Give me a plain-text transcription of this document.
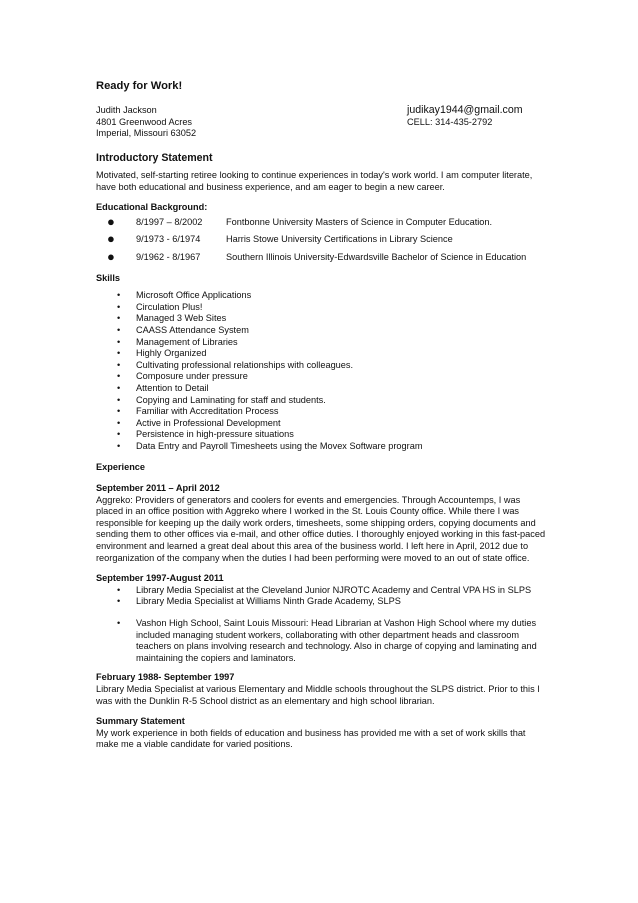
Ready for Work!
Judith Jackson
4801 Greenwood Acres
Imperial, Missouri 63052
judikay1944@gmail.com
CELL: 314-435-2792
Introductory Statement

Motivated, self-starting retiree looking to continue experiences in today's work world. I am computer literate, have both educational and business experience, and am eager to begin a new career.

Educational Background:
● 8/1997 – 8/2002	Fontbonne University Masters of Science in Computer Education.
● 9/1973 - 6/1974	Harris Stowe University Certifications in Library Science
● 9/1962 - 8/1967	Southern Illinois University-Edwardsville Bachelor of Science in Education
Skills
• Microsoft Office Applications
• Circulation Plus!
• Managed 3 Web Sites
• CAASS Attendance System
• Management of Libraries
• Highly Organized
• Cultivating professional relationships with colleagues.
• Composure under pressure
• Attention to Detail
• Copying and Laminating for staff and students.
• Familiar with Accreditation Process
• Active in Professional Development
• Persistence in high-pressure situations
• Data Entry and Payroll Timesheets using the Movex Software program
Experience
September 2011 – April 2012

Aggreko: Providers of generators and coolers for events and emergencies. Through Accountemps, I was placed in an office position with Aggreko where I worked in the St. Louis County office. While there I was responsible for keeping up the daily work orders, timesheets, some shipping orders, copying documents and sending them to other offices via e-mail, and other office duties. I thoroughly enjoyed working in this fast-paced environment and learned a great deal about this area of the business world. I left here in April, 2012 due to reorganization of the company when the duties I had been performing were moved to an out of state office.

September 1997-August 2011
• Library Media Specialist at the Cleveland Junior NJROTC Academy and Central VPA HS in SLPS
• Library Media Specialist at Williams Ninth Grade Academy, SLPS
• Vashon High School, Saint Louis Missouri: Head Librarian at Vashon High School where my duties included managing student workers, collaborating with other department heads and classroom teachers on plans involving research and technology. Also in charge of copying and laminating and maintaining the copiers and laminators.
February 1988- September 1997

Library Media Specialist at various Elementary and Middle schools throughout the SLPS district. Prior to this I was with the Dunklin R-5 School district as an elementary and high school librarian.

Summary Statement

My work experience in both fields of education and business has provided me with a set of work skills that make me a viable candidate for varied positions.
